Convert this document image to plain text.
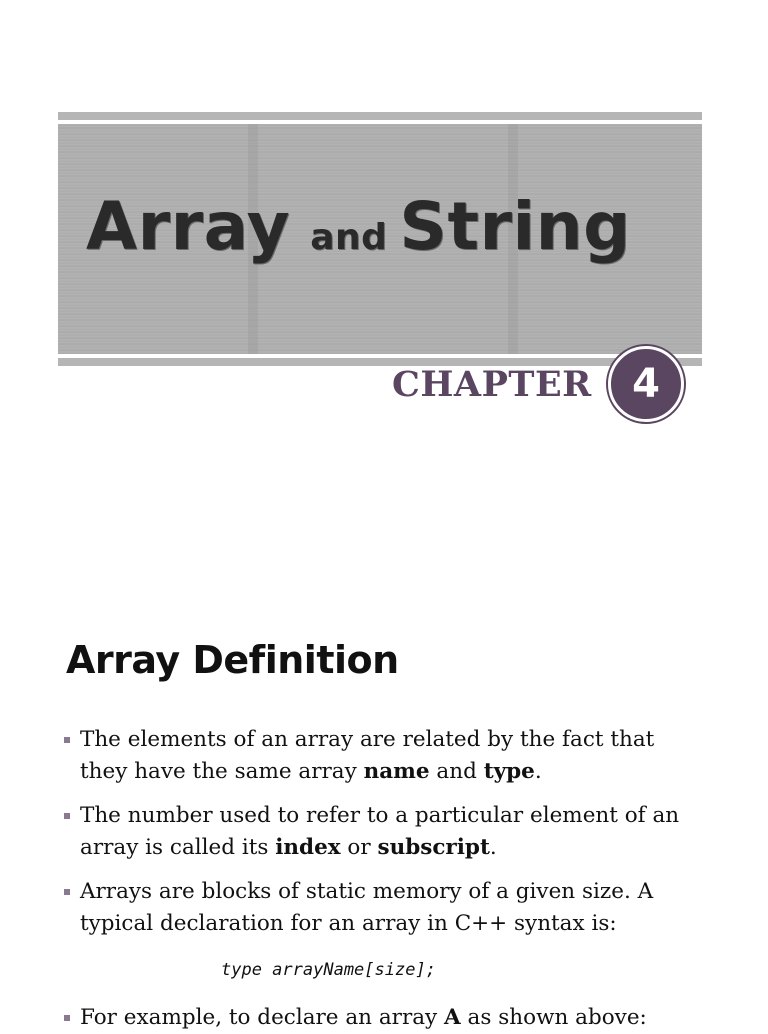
Array and String
CHAPTER 4
Array Definition
The elements of an array are related by the fact that they have the same array name and type.
The number used to refer to a particular element of an array is called its index or subscript.
Arrays are blocks of static memory of a given size. A typical declaration for an array in C++ syntax is:
type arrayName[size];
For example, to declare an array A as shown above:
